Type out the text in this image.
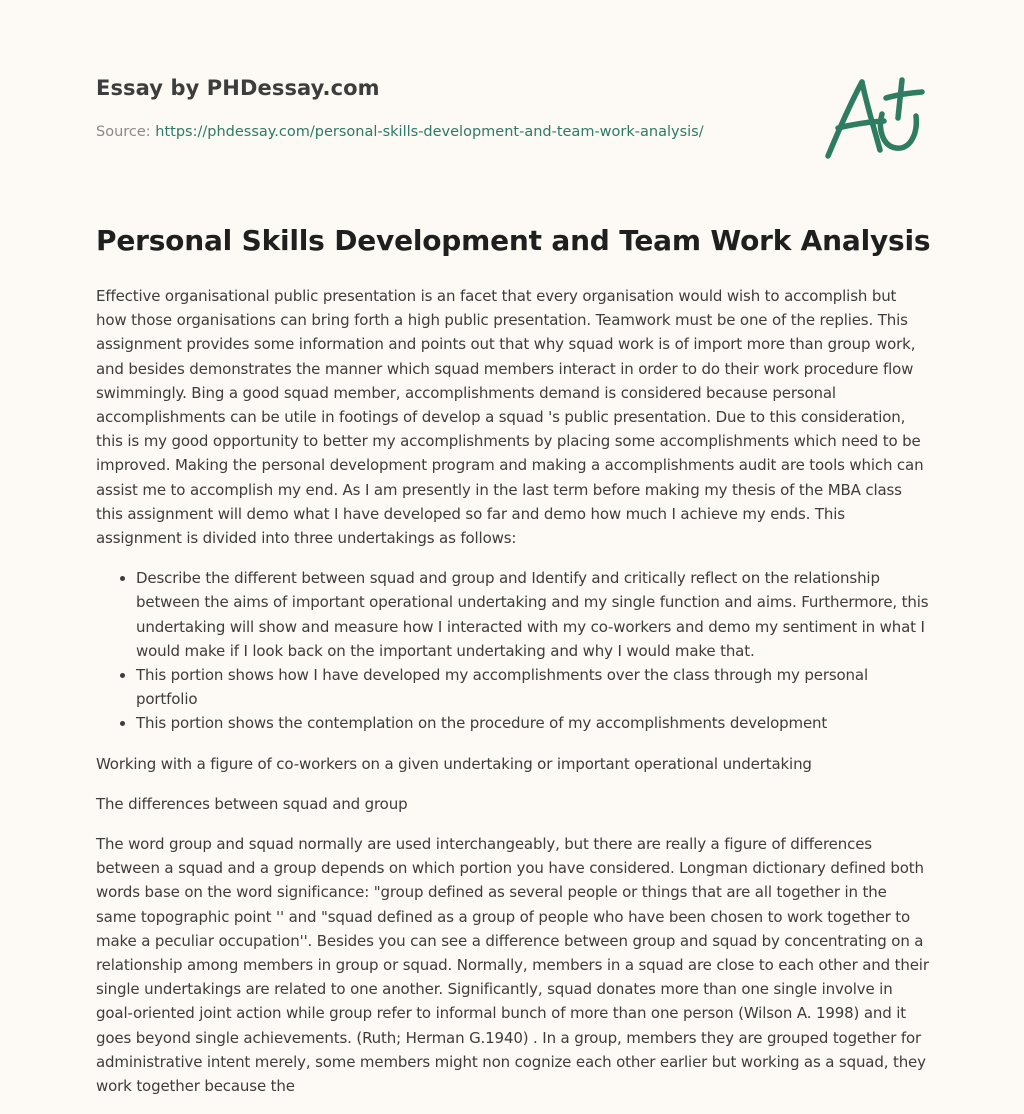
Essay by PHDessay.com
Source: https://phdessay.com/personal-skills-development-and-team-work-analysis/
Personal Skills Development and Team Work Analysis

Effective organisational public presentation is an facet that every organisation would wish to accomplish but how those organisations can bring forth a high public presentation. Teamwork must be one of the replies. This assignment provides some information and points out that why squad work is of import more than group work, and besides demonstrates the manner which squad members interact in order to do their work procedure flow swimmingly. Bing a good squad member, accomplishments demand is considered because personal accomplishments can be utile in footings of develop a squad 's public presentation. Due to this consideration, this is my good opportunity to better my accomplishments by placing some accomplishments which need to be improved. Making the personal development program and making a accomplishments audit are tools which can assist me to accomplish my end. As I am presently in the last term before making my thesis of the MBA class this assignment will demo what I have developed so far and demo how much I achieve my ends. This assignment is divided into three undertakings as follows:

• Describe the different between squad and group and Identify and critically reflect on the relationship between the aims of important operational undertaking and my single function and aims. Furthermore, this undertaking will show and measure how I interacted with my co-workers and demo my sentiment in what I would make if I look back on the important undertaking and why I would make that.
• This portion shows how I have developed my accomplishments over the class through my personal portfolio
• This portion shows the contemplation on the procedure of my accomplishments development

Working with a figure of co-workers on a given undertaking or important operational undertaking

The differences between squad and group

The word group and squad normally are used interchangeably, but there are really a figure of differences between a squad and a group depends on which portion you have considered. Longman dictionary defined both words base on the word significance: "group defined as several people or things that are all together in the same topographic point '' and "squad defined as a group of people who have been chosen to work together to make a peculiar occupation''. Besides you can see a difference between group and squad by concentrating on a relationship among members in group or squad. Normally, members in a squad are close to each other and their single undertakings are related to one another. Significantly, squad donates more than one single involve in goal-oriented joint action while group refer to informal bunch of more than one person (Wilson A. 1998) and it goes beyond single achievements. (Ruth; Herman G.1940) . In a group, members they are grouped together for administrative intent merely, some members might non cognize each other earlier but working as a squad, they work together because the
